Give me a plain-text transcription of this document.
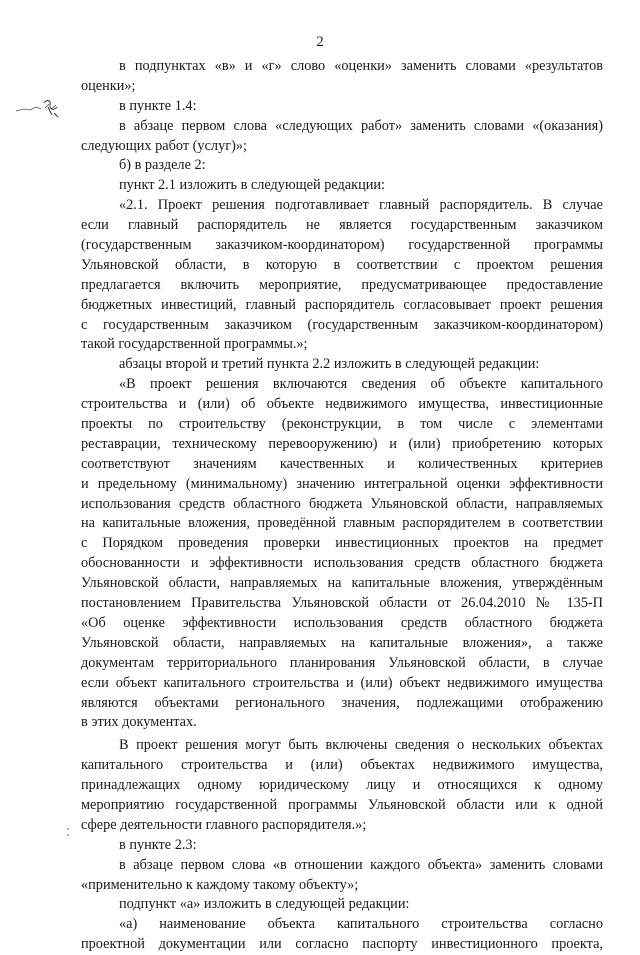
2
в подпунктах «в» и «г» слово «оценки» заменить словами «результатов
оценки»;
в пункте 1.4:
в абзаце первом слова «следующих работ» заменить словами «(оказания)
следующих работ (услуг)»;
б) в разделе 2:
пункт 2.1 изложить в следующей редакции:
«2.1. Проект решения подготавливает главный распорядитель. В случае
если главный распорядитель не является государственным заказчиком
(государственным заказчиком-координатором) государственной программы
Ульяновской области, в которую в соответствии с проектом решения
предлагается включить мероприятие, предусматривающее предоставление
бюджетных инвестиций, главный распорядитель согласовывает проект решения
с государственным заказчиком (государственным заказчиком-координатором)
такой государственной программы.»;
абзацы второй и третий пункта 2.2 изложить в следующей редакции:
«В проект решения включаются сведения об объекте капитального
строительства и (или) об объекте недвижимого имущества, инвестиционные
проекты по строительству (реконструкции, в том числе с элементами
реставрации, техническому перевооружению) и (или) приобретению которых
соответствуют значениям качественных и количественных критериев
и предельному (минимальному) значению интегральной оценки эффективности
использования средств областного бюджета Ульяновской области, направляемых
на капитальные вложения, проведённой главным распорядителем в соответствии
с Порядком проведения проверки инвестиционных проектов на предмет
обоснованности и эффективности использования средств областного бюджета
Ульяновской области, направляемых на капитальные вложения, утверждённым
постановлением Правительства Ульяновской области от 26.04.2010 № 135-П
«Об оценке эффективности использования средств областного бюджета
Ульяновской области, направляемых на капитальные вложения», а также
документам территориального планирования Ульяновской области, в случае
если объект капитального строительства и (или) объект недвижимого имущества
являются объектами регионального значения, подлежащими отображению
в этих документах.
В проект решения могут быть включены сведения о нескольких объектах
капитального строительства и (или) объектах недвижимого имущества,
принадлежащих одному юридическому лицу и относящихся к одному
мероприятию государственной программы Ульяновской области или к одной
сфере деятельности главного распорядителя.»;
в пункте 2.3:
в абзаце первом слова «в отношении каждого объекта» заменить словами
«применительно к каждому такому объекту»;
подпункт «а» изложить в следующей редакции:
«а) наименование объекта капитального строительства согласно
проектной документации или согласно паспорту инвестиционного проекта,
